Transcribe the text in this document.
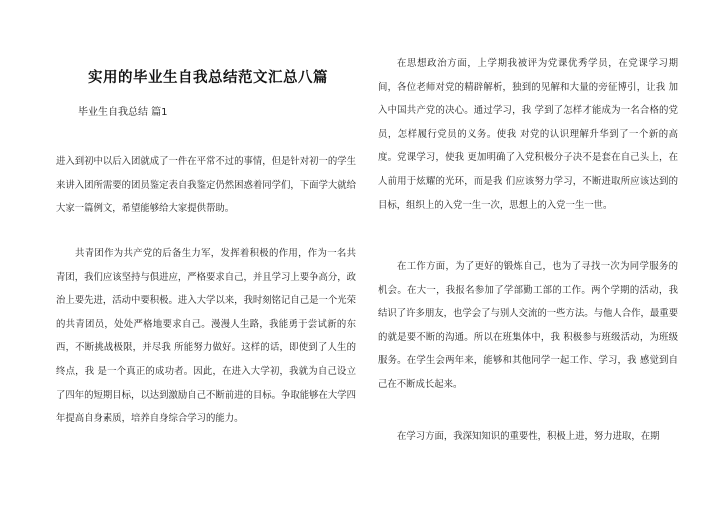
实用的毕业生自我总结范文汇总八篇
毕业生自我总结 篇1

进入到初中以后入团就成了一件在平常不过的事情，但是针对初一的学生来讲入团所需要的团员鉴定表自我鉴定仍然困惑着同学们，下面学大就给大家一篇例文，希望能够给大家提供帮助。

共青团作为共产党的后备生力军，发挥着积极的作用，作为一名共青团，我们应该坚持与俱进应，严格要求自己，并且学习上要争高分，政治上要先进，活动中要积极。进入大学以来，我时刻铭记自己是一个光荣的共青团员，处处严格地要求自己。漫漫人生路，我能勇于尝试新的东西，不断挑战极限，并尽我 所能努力做好。这样的话，即使到了人生的终点，我 是一个真正的成功者。因此，在进入大学初，我就为自己设立了四年的短期目标，以达到激励自己不断前进的目标。争取能够在大学四年提高自身素质，培养自身综合学习的能力。

在思想政治方面，上学期我被评为党课优秀学员，在党课学习期间，各位老师对党的精辟解析，独到的见解和大量的旁征博引，让我 加入中国共产党的决心。通过学习，我 学到了怎样才能成为一名合格的党员，怎样履行党员的义务。使我 对党的认识理解升华到了一个新的高度。党课学习，使我 更加明确了入党积极分子决不是套在自己头上，在人前用于炫耀的光环，而是我 们应该努力学习，不断进取所应该达到的目标，组织上的入党一生一次，思想上的入党一生一世。

在工作方面，为了更好的锻炼自己，也为了寻找一次为同学服务的机会。在大一，我报名参加了学部勤工部的工作。两个学期的活动，我 结识了许多朋友，也学会了与别人交流的一些方法。与他人合作，最重要的就是要不断的沟通。所以在班集体中，我 积极参与班级活动，为班级服务。在学生会两年来，能够和其他同学一起工作、学习，我 感觉到自己在不断成长起来。

在学习方面，我深知知识的重要性，积极上进，努力进取，在期
